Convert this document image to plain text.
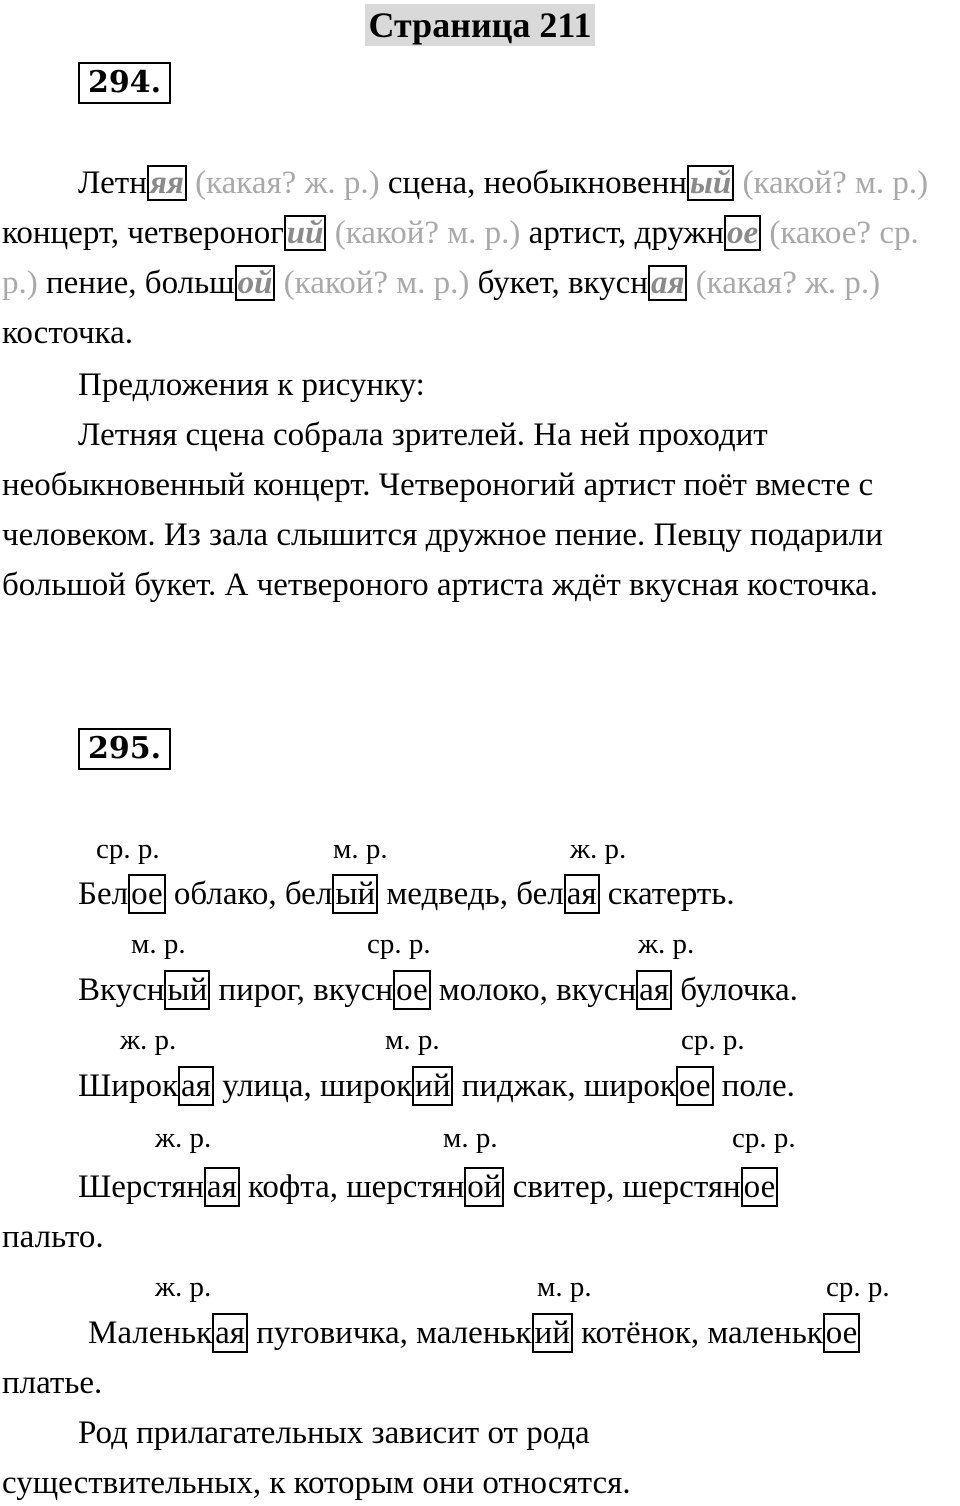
Страница 211
294.

Летняя (какая? ж. р.) сцена, необыкновенный (какой? м. р.) концерт, четвероногий (какой? м. р.) артист, дружное (какое? ср. р.) пение, большой (какой? м. р.) букет, вкусная (какая? ж. р.) косточка.

Предложения к рисунку:

Летняя сцена собрала зрителей. На ней проходит необыкновенный концерт. Четвероногий артист поёт вместе с человеком. Из зала слышится дружное пение. Певцу подарили большой букет. А четвероного артиста ждёт вкусная косточка.

295.
ср. р.	м. р.	ж. р.
Белое облако, белый медведь, белая скатерть.
м. р.	ср. р.	ж. р.
Вкусный пирог, вкусное молоко, вкусная булочка.
ж. р.	м. р.	ср. р.
Широкая улица, широкий пиджак, широкое поле.
ж. р.	м. р.	ср. р.
Шерстяная кофта, шерстяной свитер, шерстяное
пальто.
ж. р.	м. р.	ср. р.
Маленькая пуговичка, маленький котёнок, маленькое
платье.
Род прилагательных зависит от рода
существительных, к которым они относятся.
